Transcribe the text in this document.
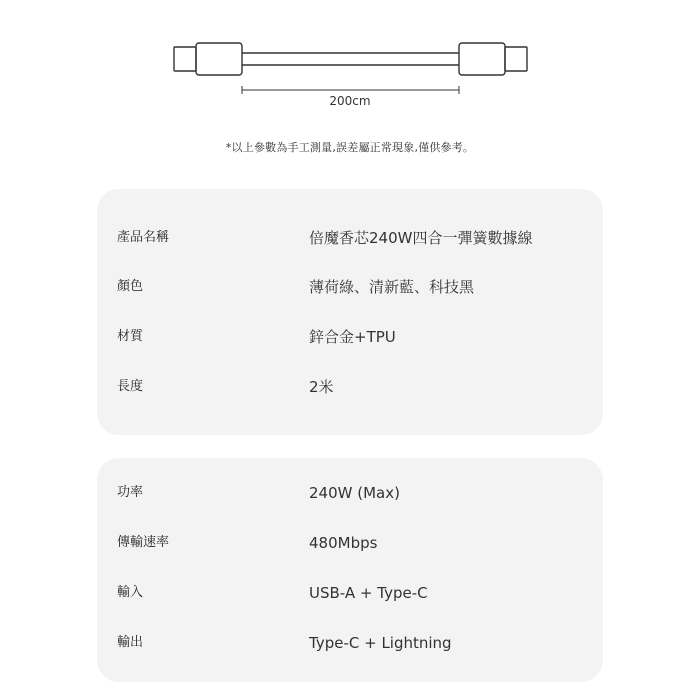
200cm
*以上參數為手工測量,誤差屬正常現象,僅供參考。
產品名稱	倍魔香芯240W四合一彈簧數據線
顏色	薄荷綠、清新藍、科技黑
材質	鋅合金+TPU
長度	2米
功率	240W (Max)
傳輸速率	480Mbps
輸入	USB-A + Type-C
輸出	Type-C + Lightning
